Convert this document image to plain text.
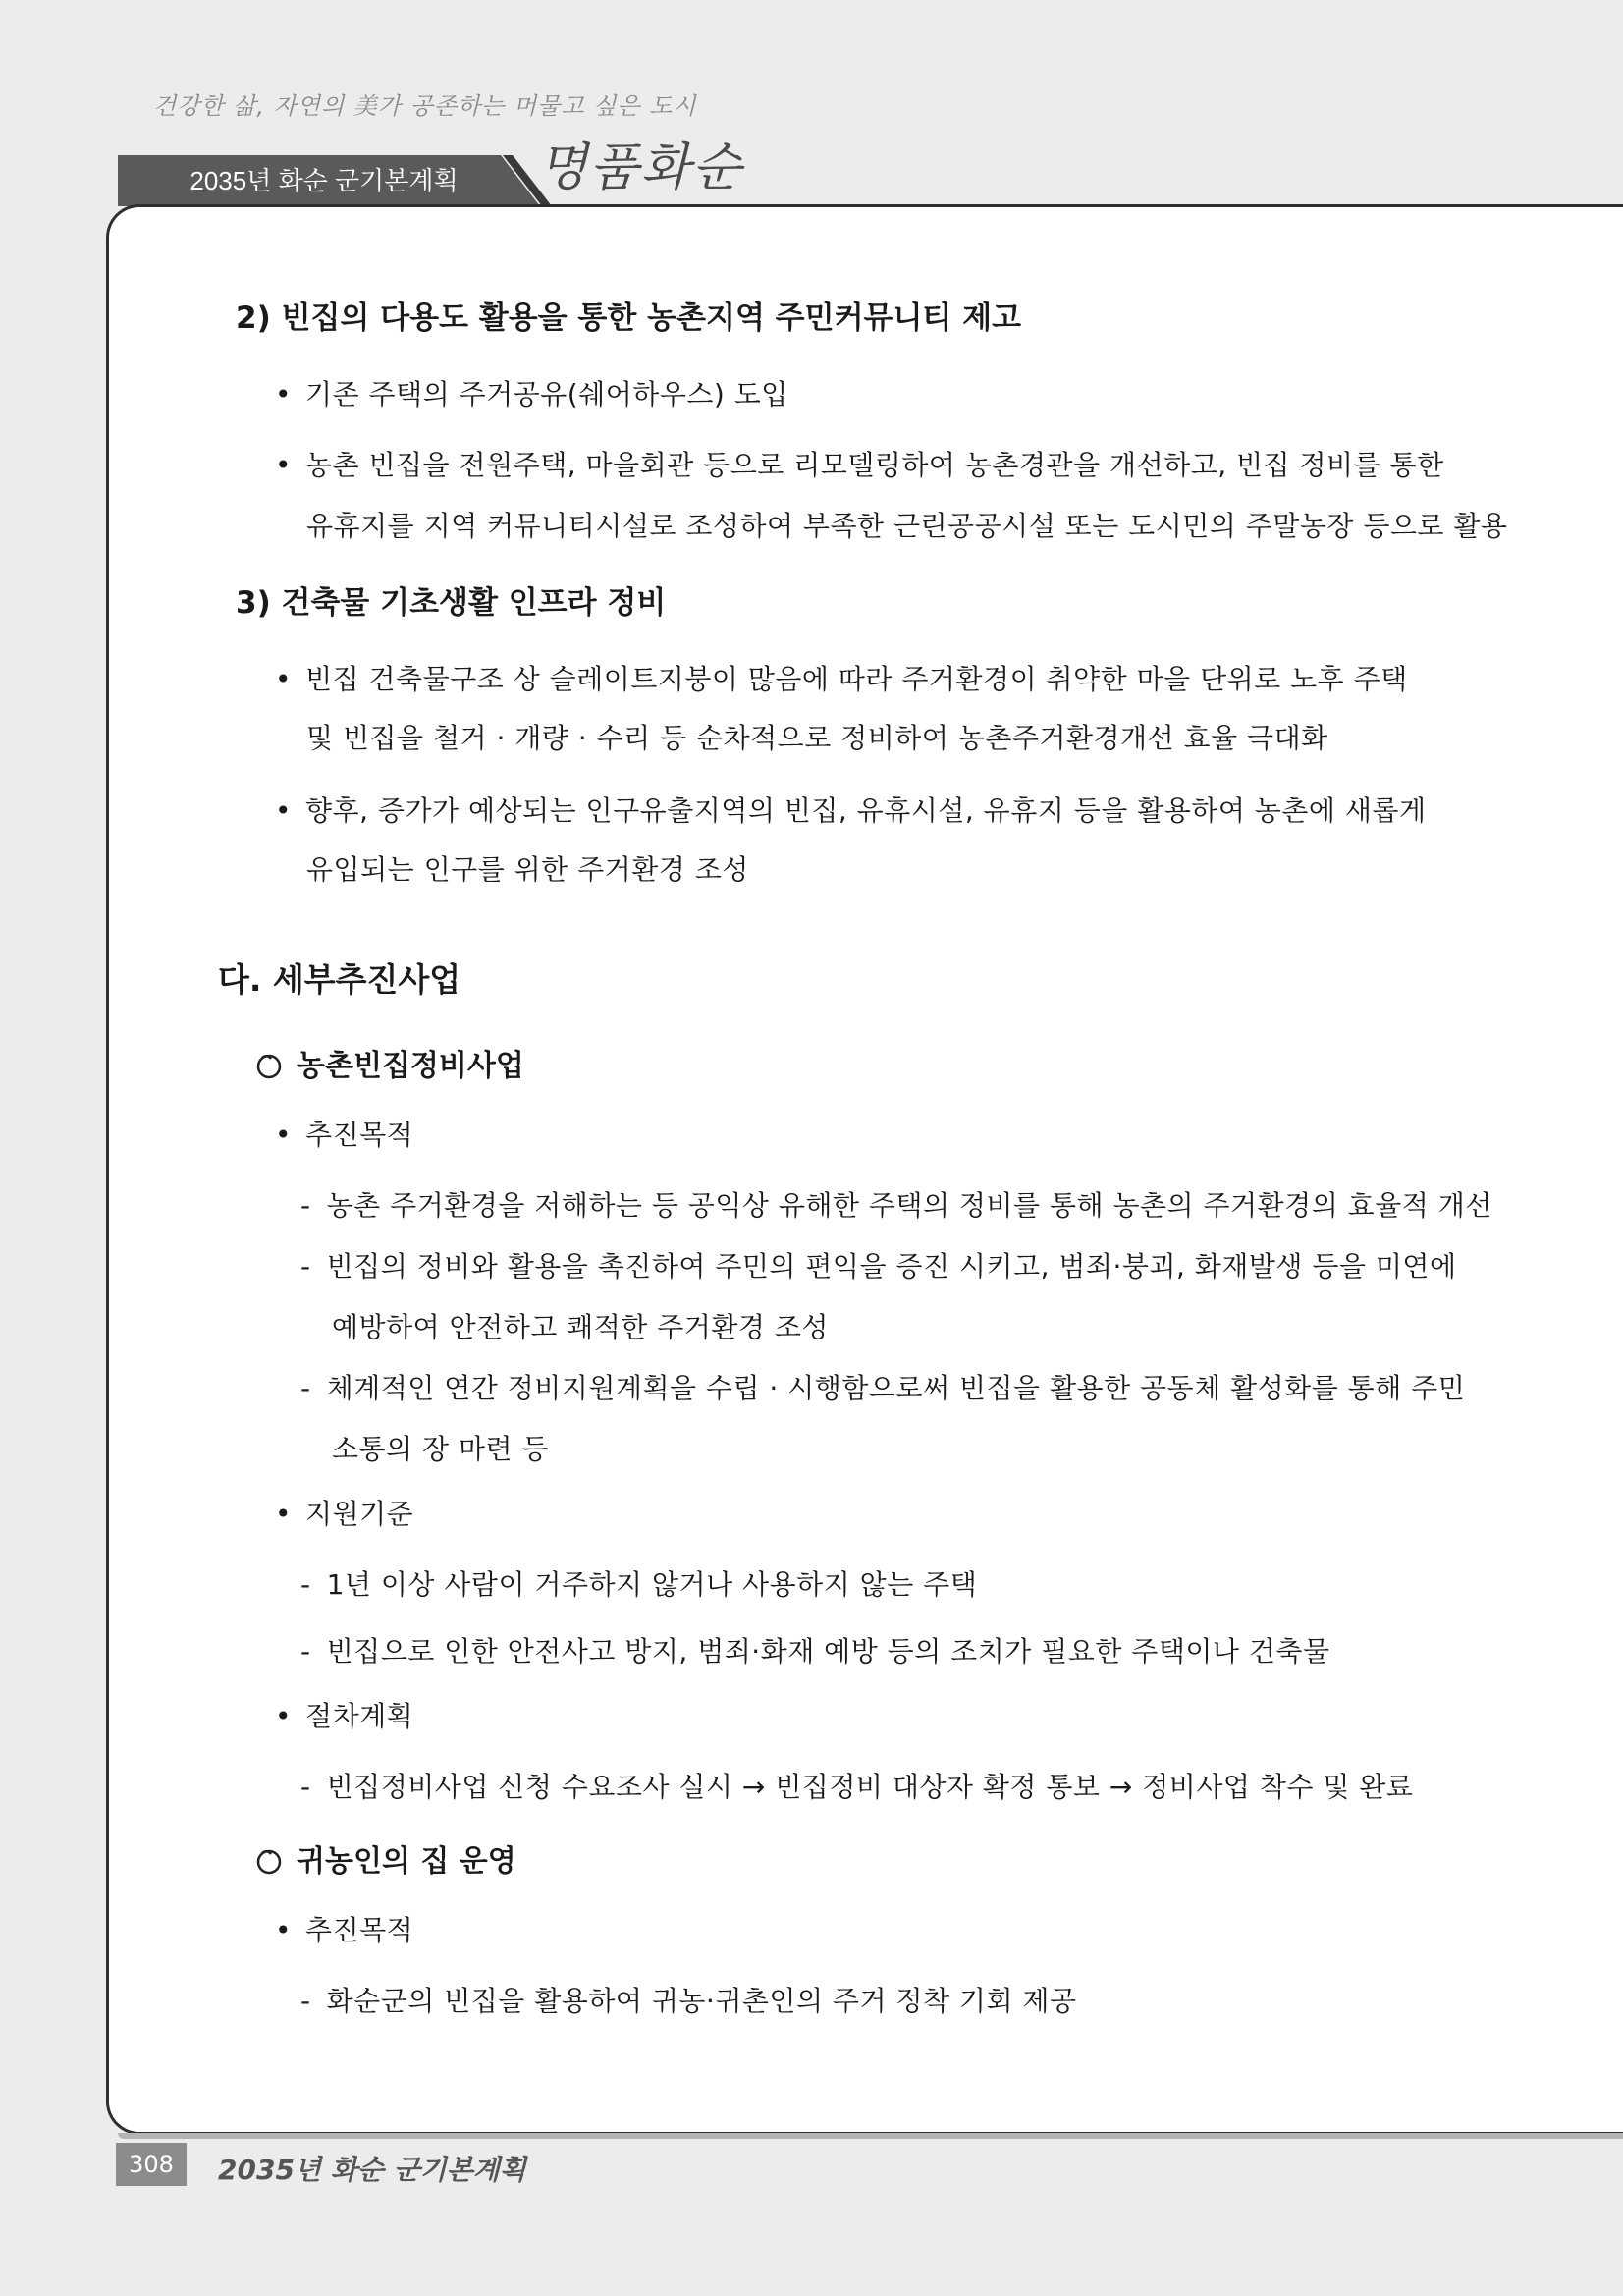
건강한 삶, 자연의 美가 공존하는 머물고 싶은 도시
2035년 화순 군기본계획	명품화순
2) 빈집의 다용도 활용을 통한 농촌지역 주민커뮤니티 제고
• 기존 주택의 주거공유(쉐어하우스) 도입
• 농촌 빈집을 전원주택, 마을회관 등으로 리모델링하여 농촌경관을 개선하고, 빈집 정비를 통한
유휴지를 지역 커뮤니티시설로 조성하여 부족한 근린공공시설 또는 도시민의 주말농장 등으로 활용
3) 건축물 기초생활 인프라 정비
• 빈집 건축물구조 상 슬레이트지붕이 많음에 따라 주거환경이 취약한 마을 단위로 노후 주택
및 빈집을 철거 · 개량 · 수리 등 순차적으로 정비하여 농촌주거환경개선 효율 극대화
• 향후, 증가가 예상되는 인구유출지역의 빈집, 유휴시설, 유휴지 등을 활용하여 농촌에 새롭게
유입되는 인구를 위한 주거환경 조성
다. 세부추진사업
농촌빈집정비사업
• 추진목적
- 농촌 주거환경을 저해하는 등 공익상 유해한 주택의 정비를 통해 농촌의 주거환경의 효율적 개선
- 빈집의 정비와 활용을 촉진하여 주민의 편익을 증진 시키고, 범죄·붕괴, 화재발생 등을 미연에
예방하여 안전하고 쾌적한 주거환경 조성
- 체계적인 연간 정비지원계획을 수립 · 시행함으로써 빈집을 활용한 공동체 활성화를 통해 주민
소통의 장 마련 등
• 지원기준
- 1년 이상 사람이 거주하지 않거나 사용하지 않는 주택
- 빈집으로 인한 안전사고 방지, 범죄·화재 예방 등의 조치가 필요한 주택이나 건축물
• 절차계획
- 빈집정비사업 신청 수요조사 실시 → 빈집정비 대상자 확정 통보 → 정비사업 착수 및 완료
귀농인의 집 운영
• 추진목적
- 화순군의 빈집을 활용하여 귀농·귀촌인의 주거 정착 기회 제공
308	2035년 화순 군기본계획
